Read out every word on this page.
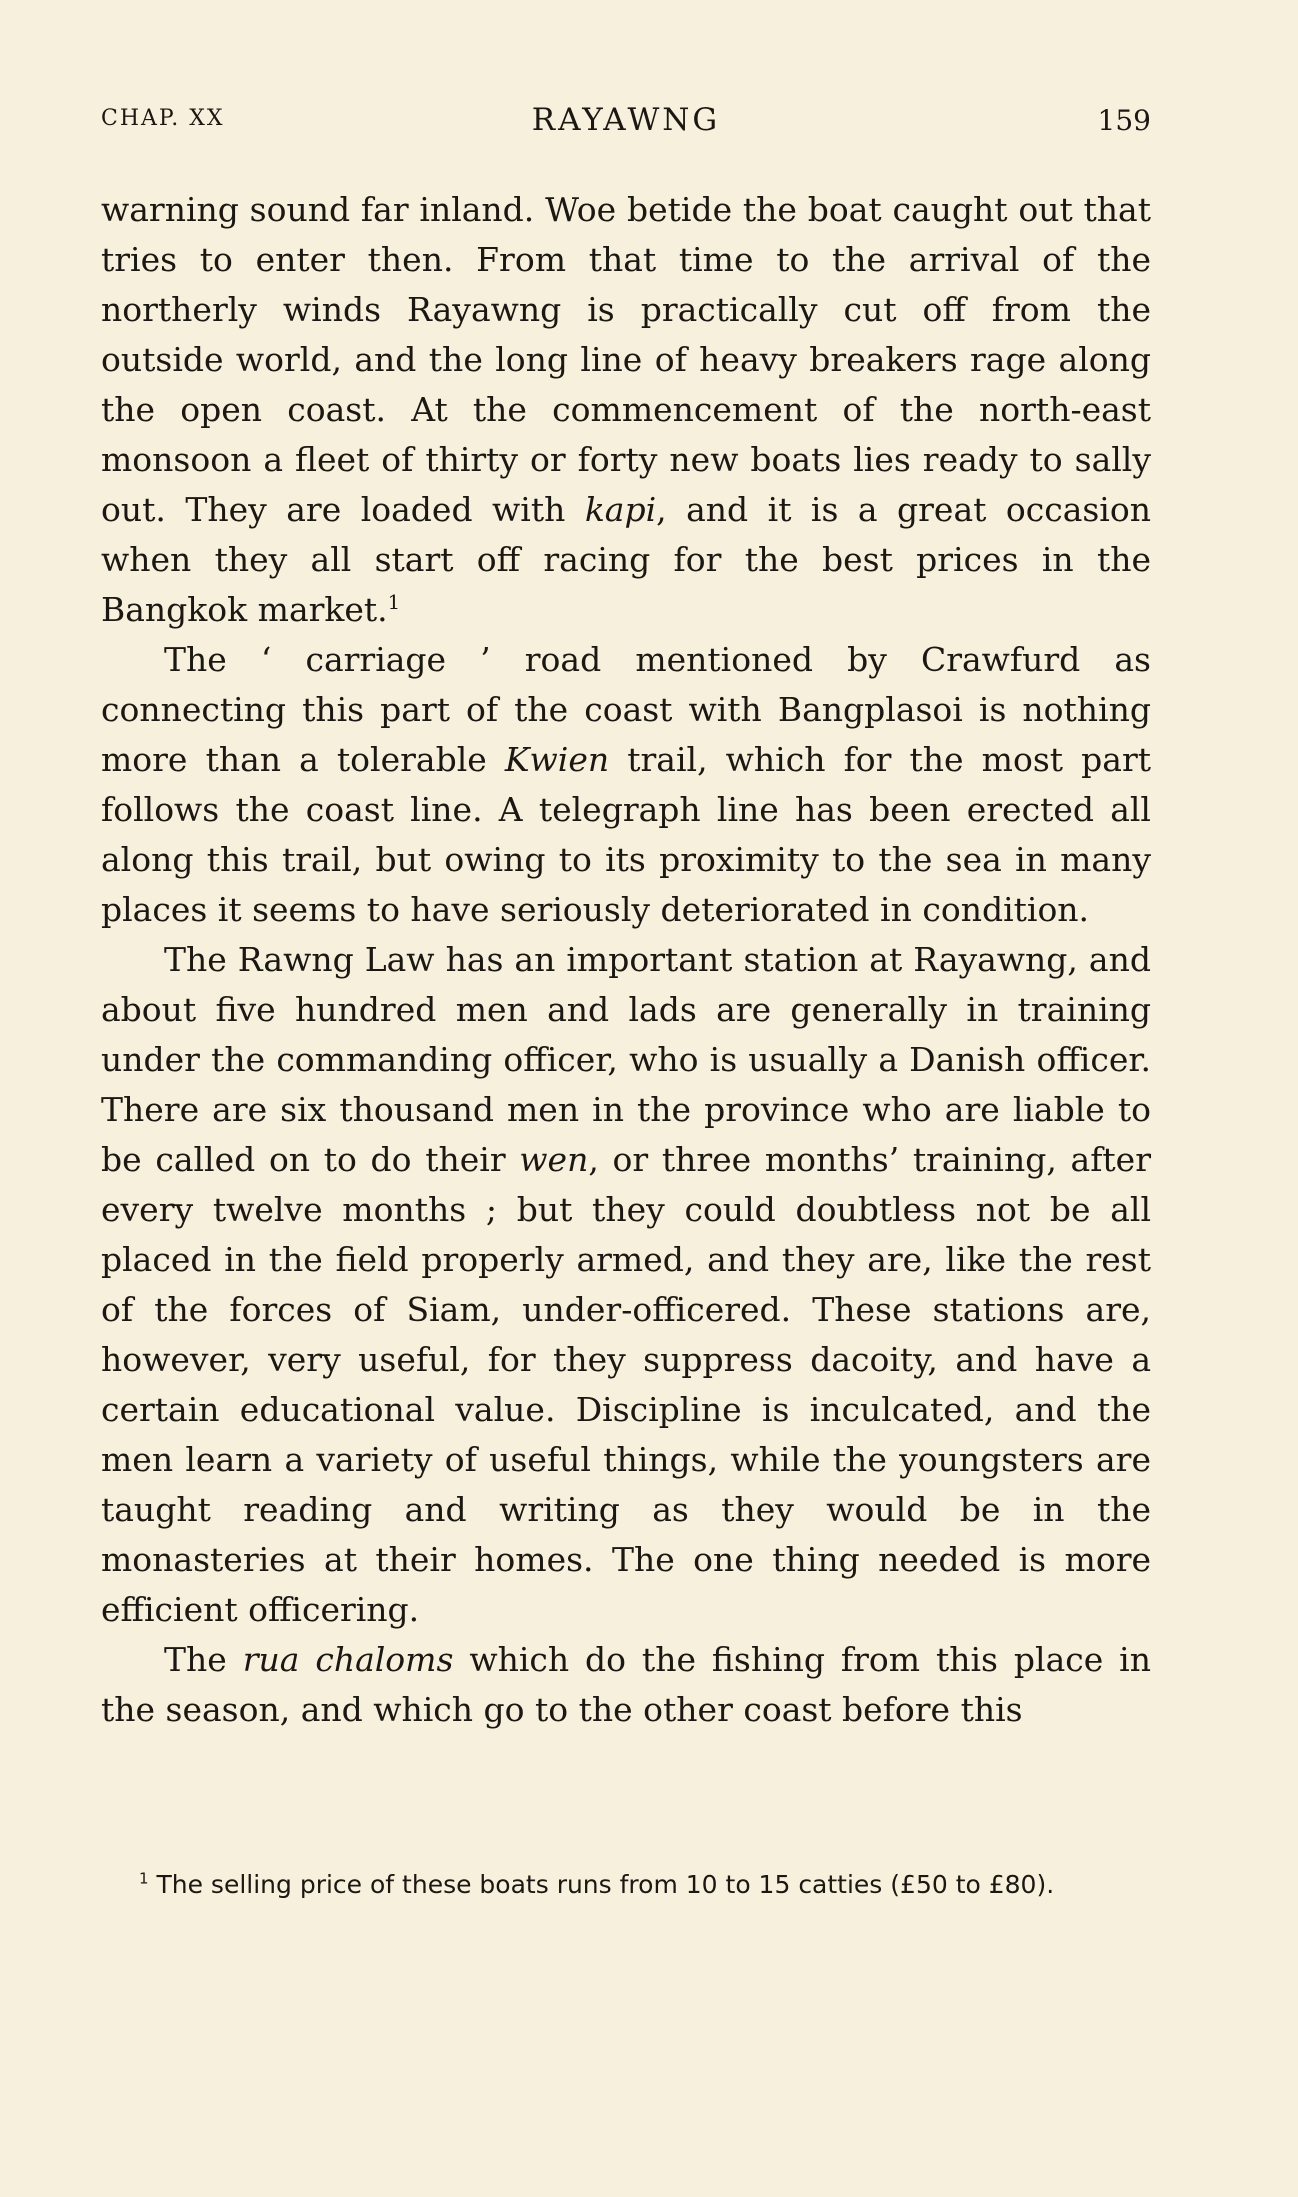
CHAP. XX	RAYAWNG	159

warning sound far inland. Woe betide the boat caught out that tries to enter then. From that time to the arrival of the northerly winds Rayawng is practically cut off from the outside world, and the long line of heavy breakers rage along the open coast. At the commencement of the north-east monsoon a fleet of thirty or forty new boats lies ready to sally out. They are loaded with kapi, and it is a great occasion when they all start off racing for the best prices in the Bangkok market.$^1$

The ‘ carriage ’ road mentioned by Crawfurd as connecting this part of the coast with Bangplasoi is nothing more than a tolerable Kwien trail, which for the most part follows the coast line. A telegraph line has been erected all along this trail, but owing to its proximity to the sea in many places it seems to have seriously deteriorated in condition.

The Rawng Law has an important station at Rayawng, and about five hundred men and lads are generally in training under the commanding officer, who is usually a Danish officer. There are six thousand men in the province who are liable to be called on to do their wen, or three months’ training, after every twelve months ; but they could doubtless not be all placed in the field properly armed, and they are, like the rest of the forces of Siam, under-officered. These stations are, however, very useful, for they suppress dacoity, and have a certain educational value. Discipline is inculcated, and the men learn a variety of useful things, while the youngsters are taught reading and writing as they would be in the monasteries at their homes. The one thing needed is more efficient officering.

The rua chaloms which do the fishing from this place in the season, and which go to the other coast before this

$^1$ The selling price of these boats runs from 10 to 15 catties (£50 to £80).
